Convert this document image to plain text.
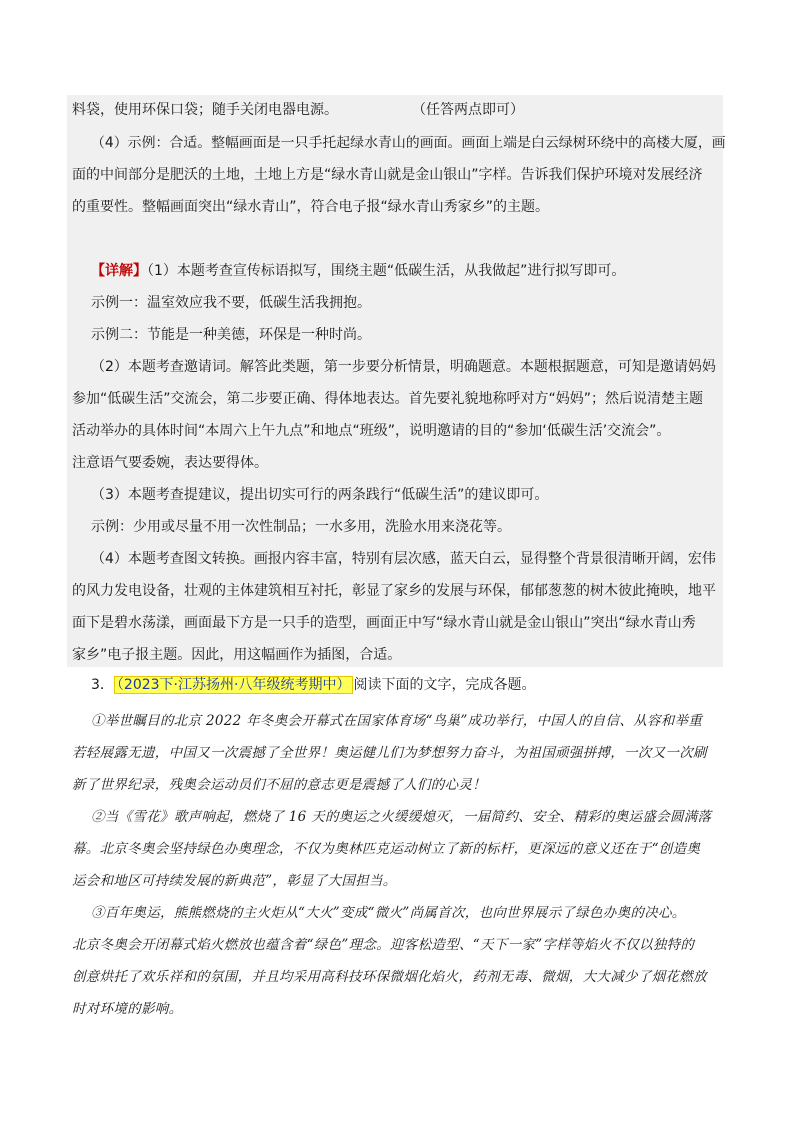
料袋，使用环保口袋；随手关闭电器电源。	（任答两点即可）
（4）示例：合适。整幅画面是一只手托起绿水青山的画面。画面上端是白云绿树环绕中的高楼大厦，画
面的中间部分是肥沃的土地，土地上方是“绿水青山就是金山银山”字样。告诉我们保护环境对发展经济
的重要性。整幅画面突出“绿水青山”，符合电子报“绿水青山秀家乡”的主题。
【详解】（1）本题考查宣传标语拟写，围绕主题“低碳生活，从我做起”进行拟写即可。
示例一：温室效应我不要，低碳生活我拥抱。
示例二：节能是一种美德，环保是一种时尚。
（2）本题考查邀请词。解答此类题，第一步要分析情景，明确题意。本题根据题意，可知是邀请妈妈
参加“低碳生活”交流会，第二步要正确、得体地表达。首先要礼貌地称呼对方“妈妈”；然后说清楚主题
活动举办的具体时间“本周六上午九点”和地点“班级”，说明邀请的目的“参加‘低碳生活’交流会”。
注意语气要委婉，表达要得体。
（3）本题考查提建议，提出切实可行的两条践行“低碳生活”的建议即可。
示例：少用或尽量不用一次性制品；一水多用，洗脸水用来浇花等。
（4）本题考查图文转换。画报内容丰富，特别有层次感，蓝天白云，显得整个背景很清晰开阔，宏伟
的风力发电设备，壮观的主体建筑相互衬托，彰显了家乡的发展与环保，郁郁葱葱的树木彼此掩映，地平
面下是碧水荡漾，画面最下方是一只手的造型，画面正中写“绿水青山就是金山银山”突出“绿水青山秀
家乡”电子报主题。因此，用这幅画作为插图，合适。
3． （2023下·江苏扬州·八年级统考期中） 阅读下面的文字，完成各题。
①举世瞩目的北京 2022 年冬奥会开幕式在国家体育场“鸟巢”成功举行，中国人的自信、从容和举重
若轻展露无遗，中国又一次震撼了全世界！奥运健儿们为梦想努力奋斗，为祖国顽强拼搏，一次又一次刷
新了世界纪录，残奥会运动员们不屈的意志更是震撼了人们的心灵！
②当《雪花》歌声响起，燃烧了 16 天的奥运之火缓缓熄灭，一届简约、安全、精彩的奥运盛会圆满落
幕。北京冬奥会坚持绿色办奥理念，不仅为奥林匹克运动树立了新的标杆，更深远的意义还在于“创造奥
运会和地区可持续发展的新典范”，彰显了大国担当。
③百年奥运，熊熊燃烧的主火炬从“大火”变成“微火”尚属首次，也向世界展示了绿色办奥的决心。
北京冬奥会开闭幕式焰火燃放也蕴含着“绿色”理念。迎客松造型、“天下一家”字样等焰火不仅以独特的
创意烘托了欢乐祥和的氛围，并且均采用高科技环保微烟化焰火，药剂无毒、微烟，大大减少了烟花燃放
时对环境的影响。
